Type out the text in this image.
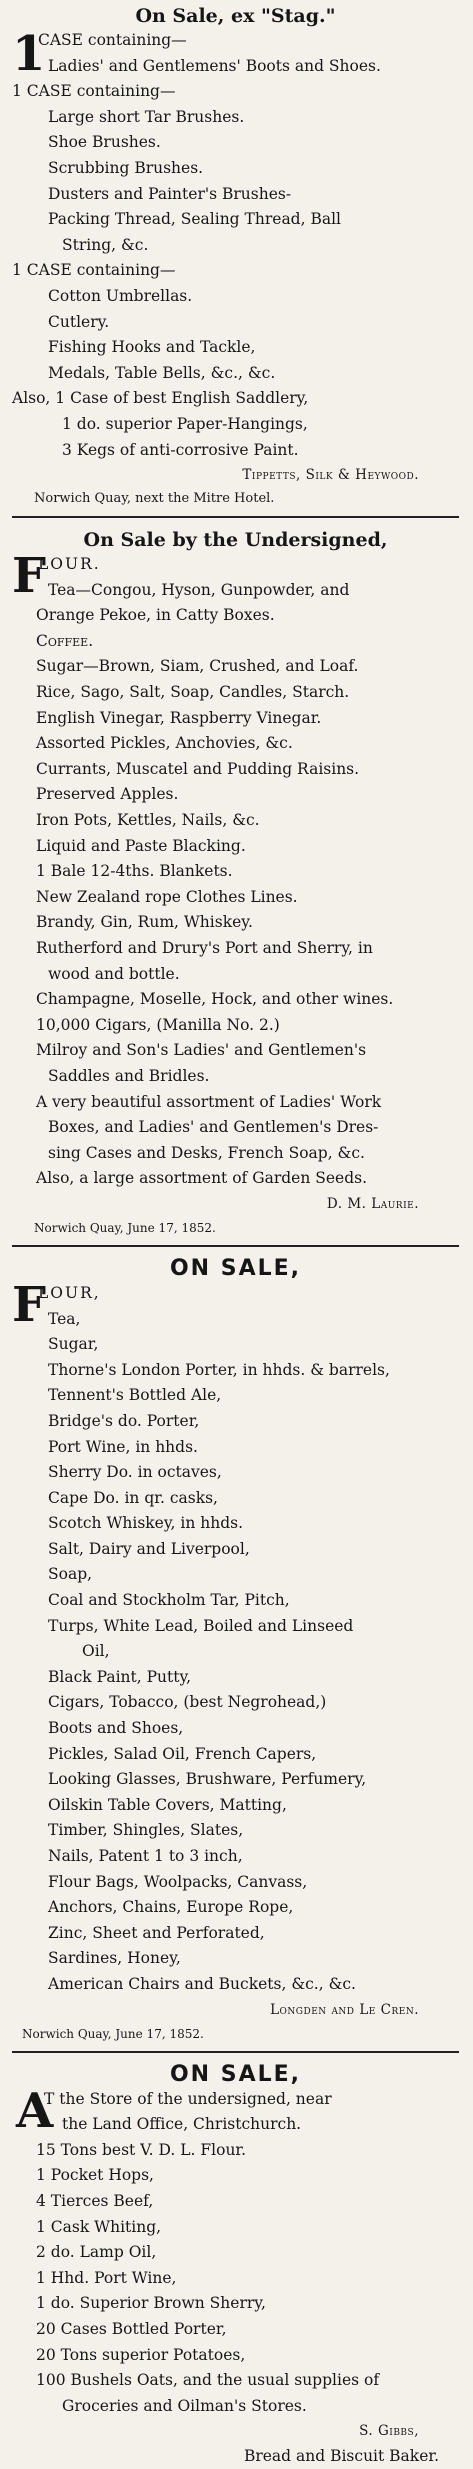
On Sale, ex "Stag."
1
CASE containing—
Ladies' and Gentlemens' Boots and Shoes.
1 CASE containing—
Large short Tar Brushes.
Shoe Brushes.
Scrubbing Brushes.
Dusters and Painter's Brushes-
Packing Thread, Sealing Thread, Ball
String, &c.
1 CASE containing—
Cotton Umbrellas.
Cutlery.
Fishing Hooks and Tackle,
Medals, Table Bells, &c., &c.
Also, 1 Case of best English Saddlery,
1 do. superior Paper-Hangings,
3 Kegs of anti-corrosive Paint.
Tippetts, Silk & Heywood.
Norwich Quay, next the Mitre Hotel.
On Sale by the Undersigned,
F
LOUR.
Tea—Congou, Hyson, Gunpowder, and
Orange Pekoe, in Catty Boxes.
Coffee.
Sugar—Brown, Siam, Crushed, and Loaf.
Rice, Sago, Salt, Soap, Candles, Starch.
English Vinegar, Raspberry Vinegar.
Assorted Pickles, Anchovies, &c.
Currants, Muscatel and Pudding Raisins.
Preserved Apples.
Iron Pots, Kettles, Nails, &c.
Liquid and Paste Blacking.
1 Bale 12-4ths. Blankets.
New Zealand rope Clothes Lines.
Brandy, Gin, Rum, Whiskey.
Rutherford and Drury's Port and Sherry, in
wood and bottle.
Champagne, Moselle, Hock, and other wines.
10,000 Cigars, (Manilla No. 2.)
Milroy and Son's Ladies' and Gentlemen's
Saddles and Bridles.
A very beautiful assortment of Ladies' Work
Boxes, and Ladies' and Gentlemen's Dres-
sing Cases and Desks, French Soap, &c.
Also, a large assortment of Garden Seeds.
D. M. Laurie.
Norwich Quay, June 17, 1852.
ON SALE,
F
LOUR,
Tea,
Sugar,
Thorne's London Porter, in hhds. & barrels,
Tennent's Bottled Ale,
Bridge's do. Porter,
Port Wine, in hhds.
Sherry Do. in octaves,
Cape Do. in qr. casks,
Scotch Whiskey, in hhds.
Salt, Dairy and Liverpool,
Soap,
Coal and Stockholm Tar, Pitch,
Turps, White Lead, Boiled and Linseed
Oil,
Black Paint, Putty,
Cigars, Tobacco, (best Negrohead,)
Boots and Shoes,
Pickles, Salad Oil, French Capers,
Looking Glasses, Brushware, Perfumery,
Oilskin Table Covers, Matting,
Timber, Shingles, Slates,
Nails, Patent 1 to 3 inch,
Flour Bags, Woolpacks, Canvass,
Anchors, Chains, Europe Rope,
Zinc, Sheet and Perforated,
Sardines, Honey,
American Chairs and Buckets, &c., &c.
Longden and Le Cren.
Norwich Quay, June 17, 1852.
ON SALE,
A
T the Store of the undersigned, near
the Land Office, Christchurch.
15 Tons best V. D. L. Flour.
1 Pocket Hops,
4 Tierces Beef,
1 Cask Whiting,
2 do. Lamp Oil,
1 Hhd. Port Wine,
1 do. Superior Brown Sherry,
20 Cases Bottled Porter,
20 Tons superior Potatoes,
100 Bushels Oats, and the usual supplies of
Groceries and Oilman's Stores.
S. Gibbs,
Bread and Biscuit Baker.
